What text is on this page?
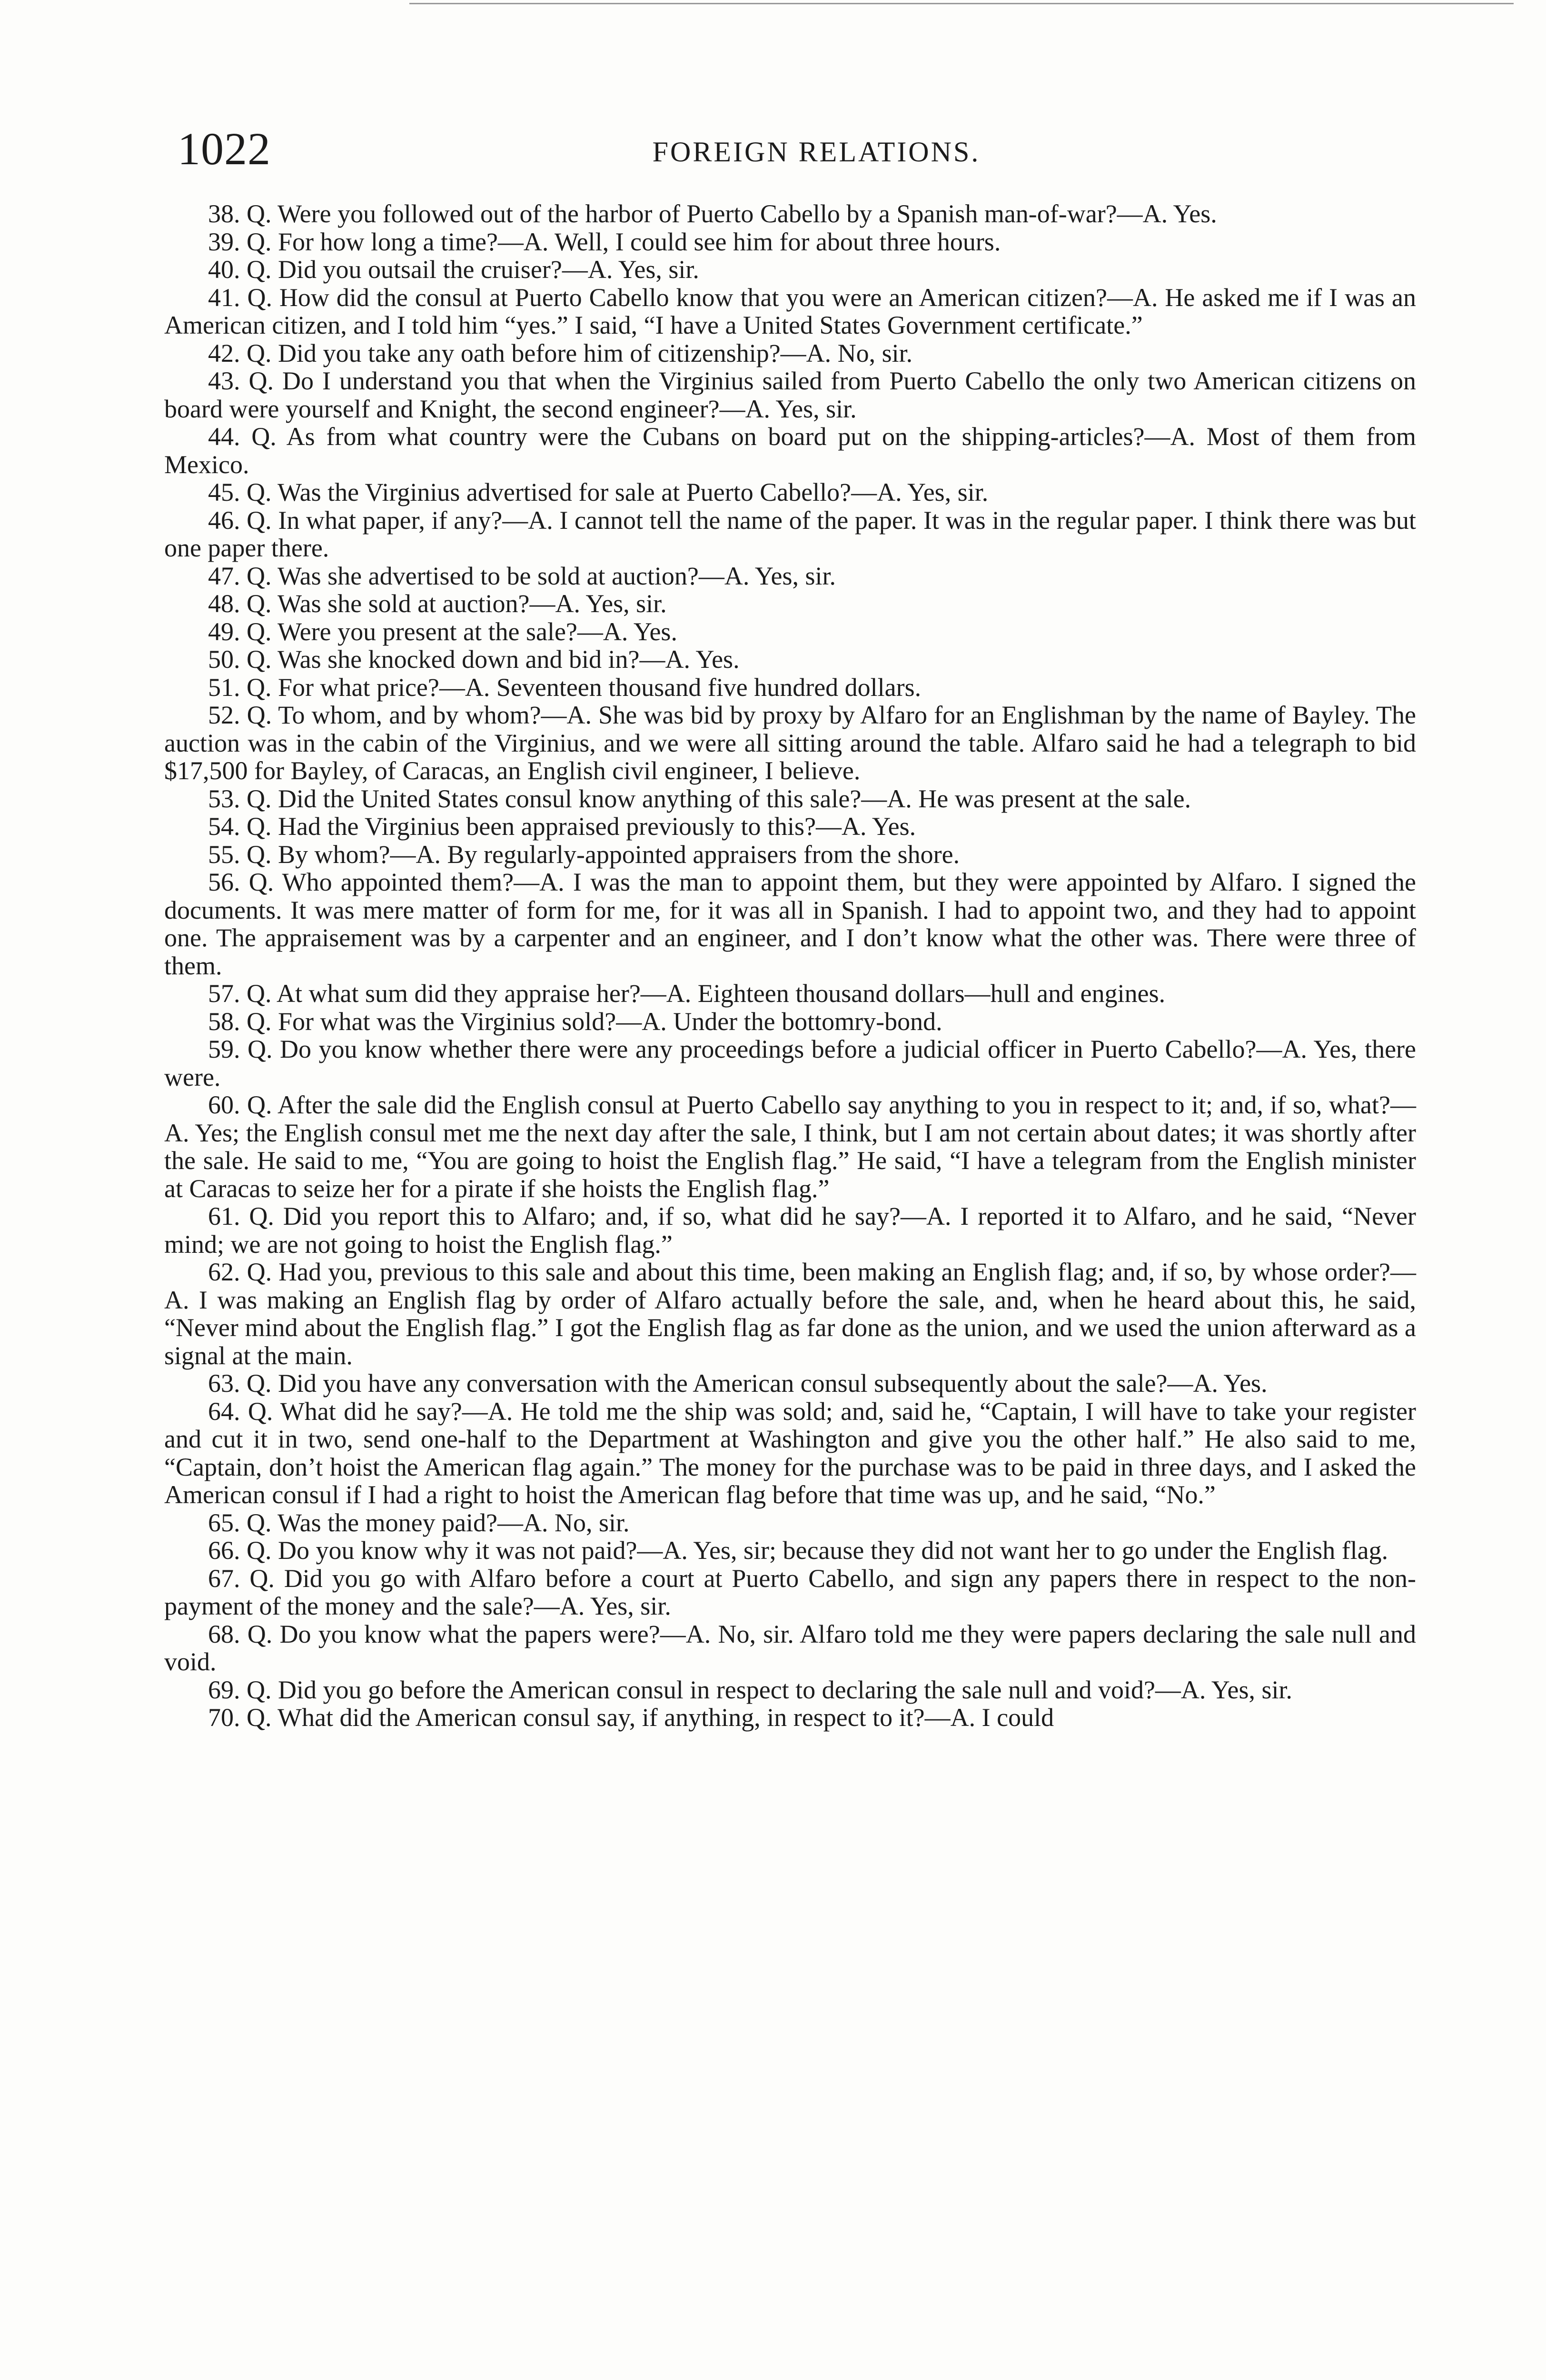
1022	FOREIGN RELATIONS.

38. Q. Were you followed out of the harbor of Puerto Cabello by a Spanish man-of-war?—A. Yes.

39. Q. For how long a time?—A. Well, I could see him for about three hours.

40. Q. Did you outsail the cruiser?—A. Yes, sir.

41. Q. How did the consul at Puerto Cabello know that you were an American citizen?—A. He asked me if I was an American citizen, and I told him “yes.” I said, “I have a United States Government certificate.”

42. Q. Did you take any oath before him of citizenship?—A. No, sir.

43. Q. Do I understand you that when the Virginius sailed from Puerto Cabello the only two American citizens on board were yourself and Knight, the second engineer?—A. Yes, sir.

44. Q. As from what country were the Cubans on board put on the shipping-articles?—A. Most of them from Mexico.

45. Q. Was the Virginius advertised for sale at Puerto Cabello?—A. Yes, sir.

46. Q. In what paper, if any?—A. I cannot tell the name of the paper. It was in the regular paper. I think there was but one paper there.

47. Q. Was she advertised to be sold at auction?—A. Yes, sir.

48. Q. Was she sold at auction?—A. Yes, sir.

49. Q. Were you present at the sale?—A. Yes.

50. Q. Was she knocked down and bid in?—A. Yes.

51. Q. For what price?—A. Seventeen thousand five hundred dollars.

52. Q. To whom, and by whom?—A. She was bid by proxy by Alfaro for an Englishman by the name of Bayley. The auction was in the cabin of the Virginius, and we were all sitting around the table. Alfaro said he had a telegraph to bid $17,500 for Bayley, of Caracas, an English civil engineer, I believe.

53. Q. Did the United States consul know anything of this sale?—A. He was present at the sale.

54. Q. Had the Virginius been appraised previously to this?—A. Yes.

55. Q. By whom?—A. By regularly-appointed appraisers from the shore.

56. Q. Who appointed them?—A. I was the man to appoint them, but they were appointed by Alfaro. I signed the documents. It was mere matter of form for me, for it was all in Spanish. I had to appoint two, and they had to appoint one. The appraisement was by a carpenter and an engineer, and I don’t know what the other was. There were three of them.

57. Q. At what sum did they appraise her?—A. Eighteen thousand dollars—hull and engines.

58. Q. For what was the Virginius sold?—A. Under the bottomry-bond.

59. Q. Do you know whether there were any proceedings before a judicial officer in Puerto Cabello?—A. Yes, there were.

60. Q. After the sale did the English consul at Puerto Cabello say anything to you in respect to it; and, if so, what?—A. Yes; the English consul met me the next day after the sale, I think, but I am not certain about dates; it was shortly after the sale. He said to me, “You are going to hoist the English flag.” He said, “I have a telegram from the English minister at Caracas to seize her for a pirate if she hoists the English flag.”

61. Q. Did you report this to Alfaro; and, if so, what did he say?—A. I reported it to Alfaro, and he said, “Never mind; we are not going to hoist the English flag.”

62. Q. Had you, previous to this sale and about this time, been making an English flag; and, if so, by whose order?—A. I was making an English flag by order of Alfaro actually before the sale, and, when he heard about this, he said, “Never mind about the English flag.” I got the English flag as far done as the union, and we used the union afterward as a signal at the main.

63. Q. Did you have any conversation with the American consul subsequently about the sale?—A. Yes.

64. Q. What did he say?—A. He told me the ship was sold; and, said he, “Captain, I will have to take your register and cut it in two, send one-half to the Department at Washington and give you the other half.” He also said to me, “Captain, don’t hoist the American flag again.” The money for the purchase was to be paid in three days, and I asked the American consul if I had a right to hoist the American flag before that time was up, and he said, “No.”

65. Q. Was the money paid?—A. No, sir.

66. Q. Do you know why it was not paid?—A. Yes, sir; because they did not want her to go under the English flag.

67. Q. Did you go with Alfaro before a court at Puerto Cabello, and sign any papers there in respect to the non-payment of the money and the sale?—A. Yes, sir.

68. Q. Do you know what the papers were?—A. No, sir. Alfaro told me they were papers declaring the sale null and void.

69. Q. Did you go before the American consul in respect to declaring the sale null and void?—A. Yes, sir.

70. Q. What did the American consul say, if anything, in respect to it?—A. I could
